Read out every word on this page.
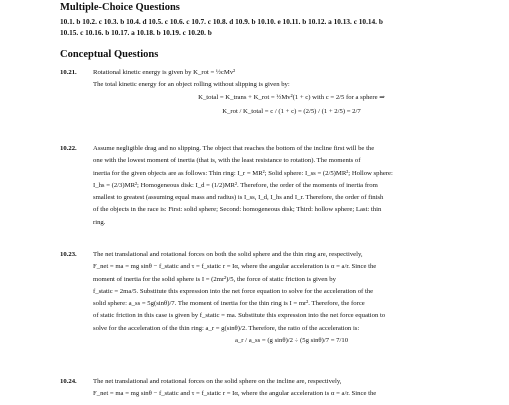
Multiple-Choice Questions
10.1. b 10.2. c 10.3. b 10.4. d 10.5. c 10.6. c 10.7. c 10.8. d 10.9. b 10.10. e 10.11. b 10.12. a 10.13. c 10.14. b
10.15. c 10.16. b 10.17. a 10.18. b 10.19. c 10.20. b
Conceptual Questions
10.21. Rotational kinetic energy is given by K_rot = ½cMv²
The total kinetic energy for an object rolling without slipping is given by:
K_total = K_trans + K_rot = ½Mv²(1 + c) with c = 2/5 for a sphere ⇒
K_rot / K_total = c / (1 + c) = (2/5) / (1 + 2/5) = 2/7
10.22. Assume negligible drag and no slipping. The object that reaches the bottom of the incline first will be the
one with the lowest moment of inertia (that is, with the least resistance to rotation). The moments of
inertia for the given objects are as follows: Thin ring: I_r = MR²; Solid sphere: I_ss = (2/5)MR²; Hollow sphere:
I_hs = (2/3)MR²; Homogeneous disk: I_d = (1/2)MR². Therefore, the order of the moments of inertia from
smallest to greatest (assuming equal mass and radius) is I_ss, I_d, I_hs and I_r. Therefore, the order of finish
of the objects in the race is: First: solid sphere; Second: homogeneous disk; Third: hollow sphere; Last: thin
ring.
10.23. The net translational and rotational forces on both the solid sphere and the thin ring are, respectively,
F_net = ma = mg sinθ − f_static and τ = f_static r = Iα, where the angular acceleration is α = a/r. Since the
moment of inertia for the solid sphere is I = (2mr²)/5, the force of static friction is given by
f_static = 2ma/5. Substitute this expression into the net force equation to solve for the acceleration of the
solid sphere: a_ss = 5g(sinθ)/7. The moment of inertia for the thin ring is I = mr². Therefore, the force
of static friction in this case is given by f_static = ma. Substitute this expression into the net force equation to
solve for the acceleration of the thin ring: a_r = g(sinθ)/2. Therefore, the ratio of the acceleration is:
a_r / a_ss = (g sinθ)/2 ÷ (5g sinθ)/7 = 7/10
10.24. The net translational and rotational forces on the solid sphere on the incline are, respectively,
F_net = ma = mg sinθ − f_static and τ = f_static r = Iα, where the angular acceleration is α = a/r. Since the
